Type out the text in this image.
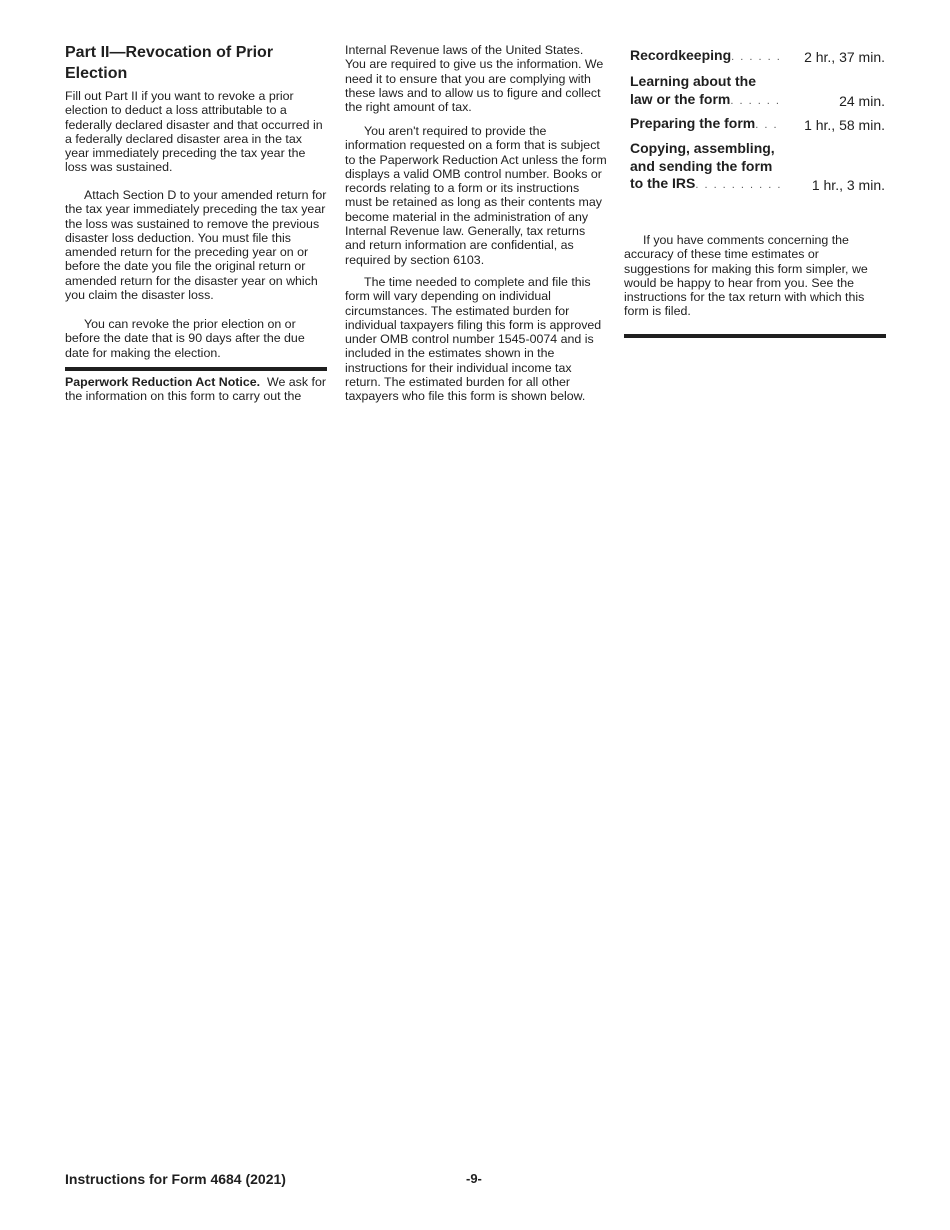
Part II—Revocation of Prior Election

Fill out Part II if you want to revoke a prior election to deduct a loss attributable to a federally declared disaster and that occurred in a federally declared disaster area in the tax year immediately preceding the tax year the loss was sustained.

Attach Section D to your amended return for the tax year immediately preceding the tax year the loss was sustained to remove the previous disaster loss deduction. You must file this amended return for the preceding year on or before the date you file the original return or amended return for the disaster year on which you claim the disaster loss.

You can revoke the prior election on or before the date that is 90 days after the due date for making the election.

Paperwork Reduction Act Notice. We ask for the information on this form to carry out the

Internal Revenue laws of the United States. You are required to give us the information. We need it to ensure that you are complying with these laws and to allow us to figure and collect the right amount of tax.

You aren't required to provide the information requested on a form that is subject to the Paperwork Reduction Act unless the form displays a valid OMB control number. Books or records relating to a form or its instructions must be retained as long as their contents may become material in the administration of any Internal Revenue law. Generally, tax returns and return information are confidential, as required by section 6103.

The time needed to complete and file this form will vary depending on individual circumstances. The estimated burden for individual taxpayers filing this form is approved under OMB control number 1545-0074 and is included in the estimates shown in the instructions for their individual income tax return. The estimated burden for all other taxpayers who file this form is shown below.

Recordkeeping. . . . . . 2 hr., 37 min.
Learning about the
law or the form. . . . . .	24 min.
Preparing the form. . . 1 hr., 58 min.
Copying, assembling,
and sending the form
to the IRS. . . . . . . . . . 1 hr., 3 min.

If you have comments concerning the accuracy of these time estimates or suggestions for making this form simpler, we would be happy to hear from you. See the instructions for the tax return with which this form is filed.

Instructions for Form 4684 (2021)	-9-
